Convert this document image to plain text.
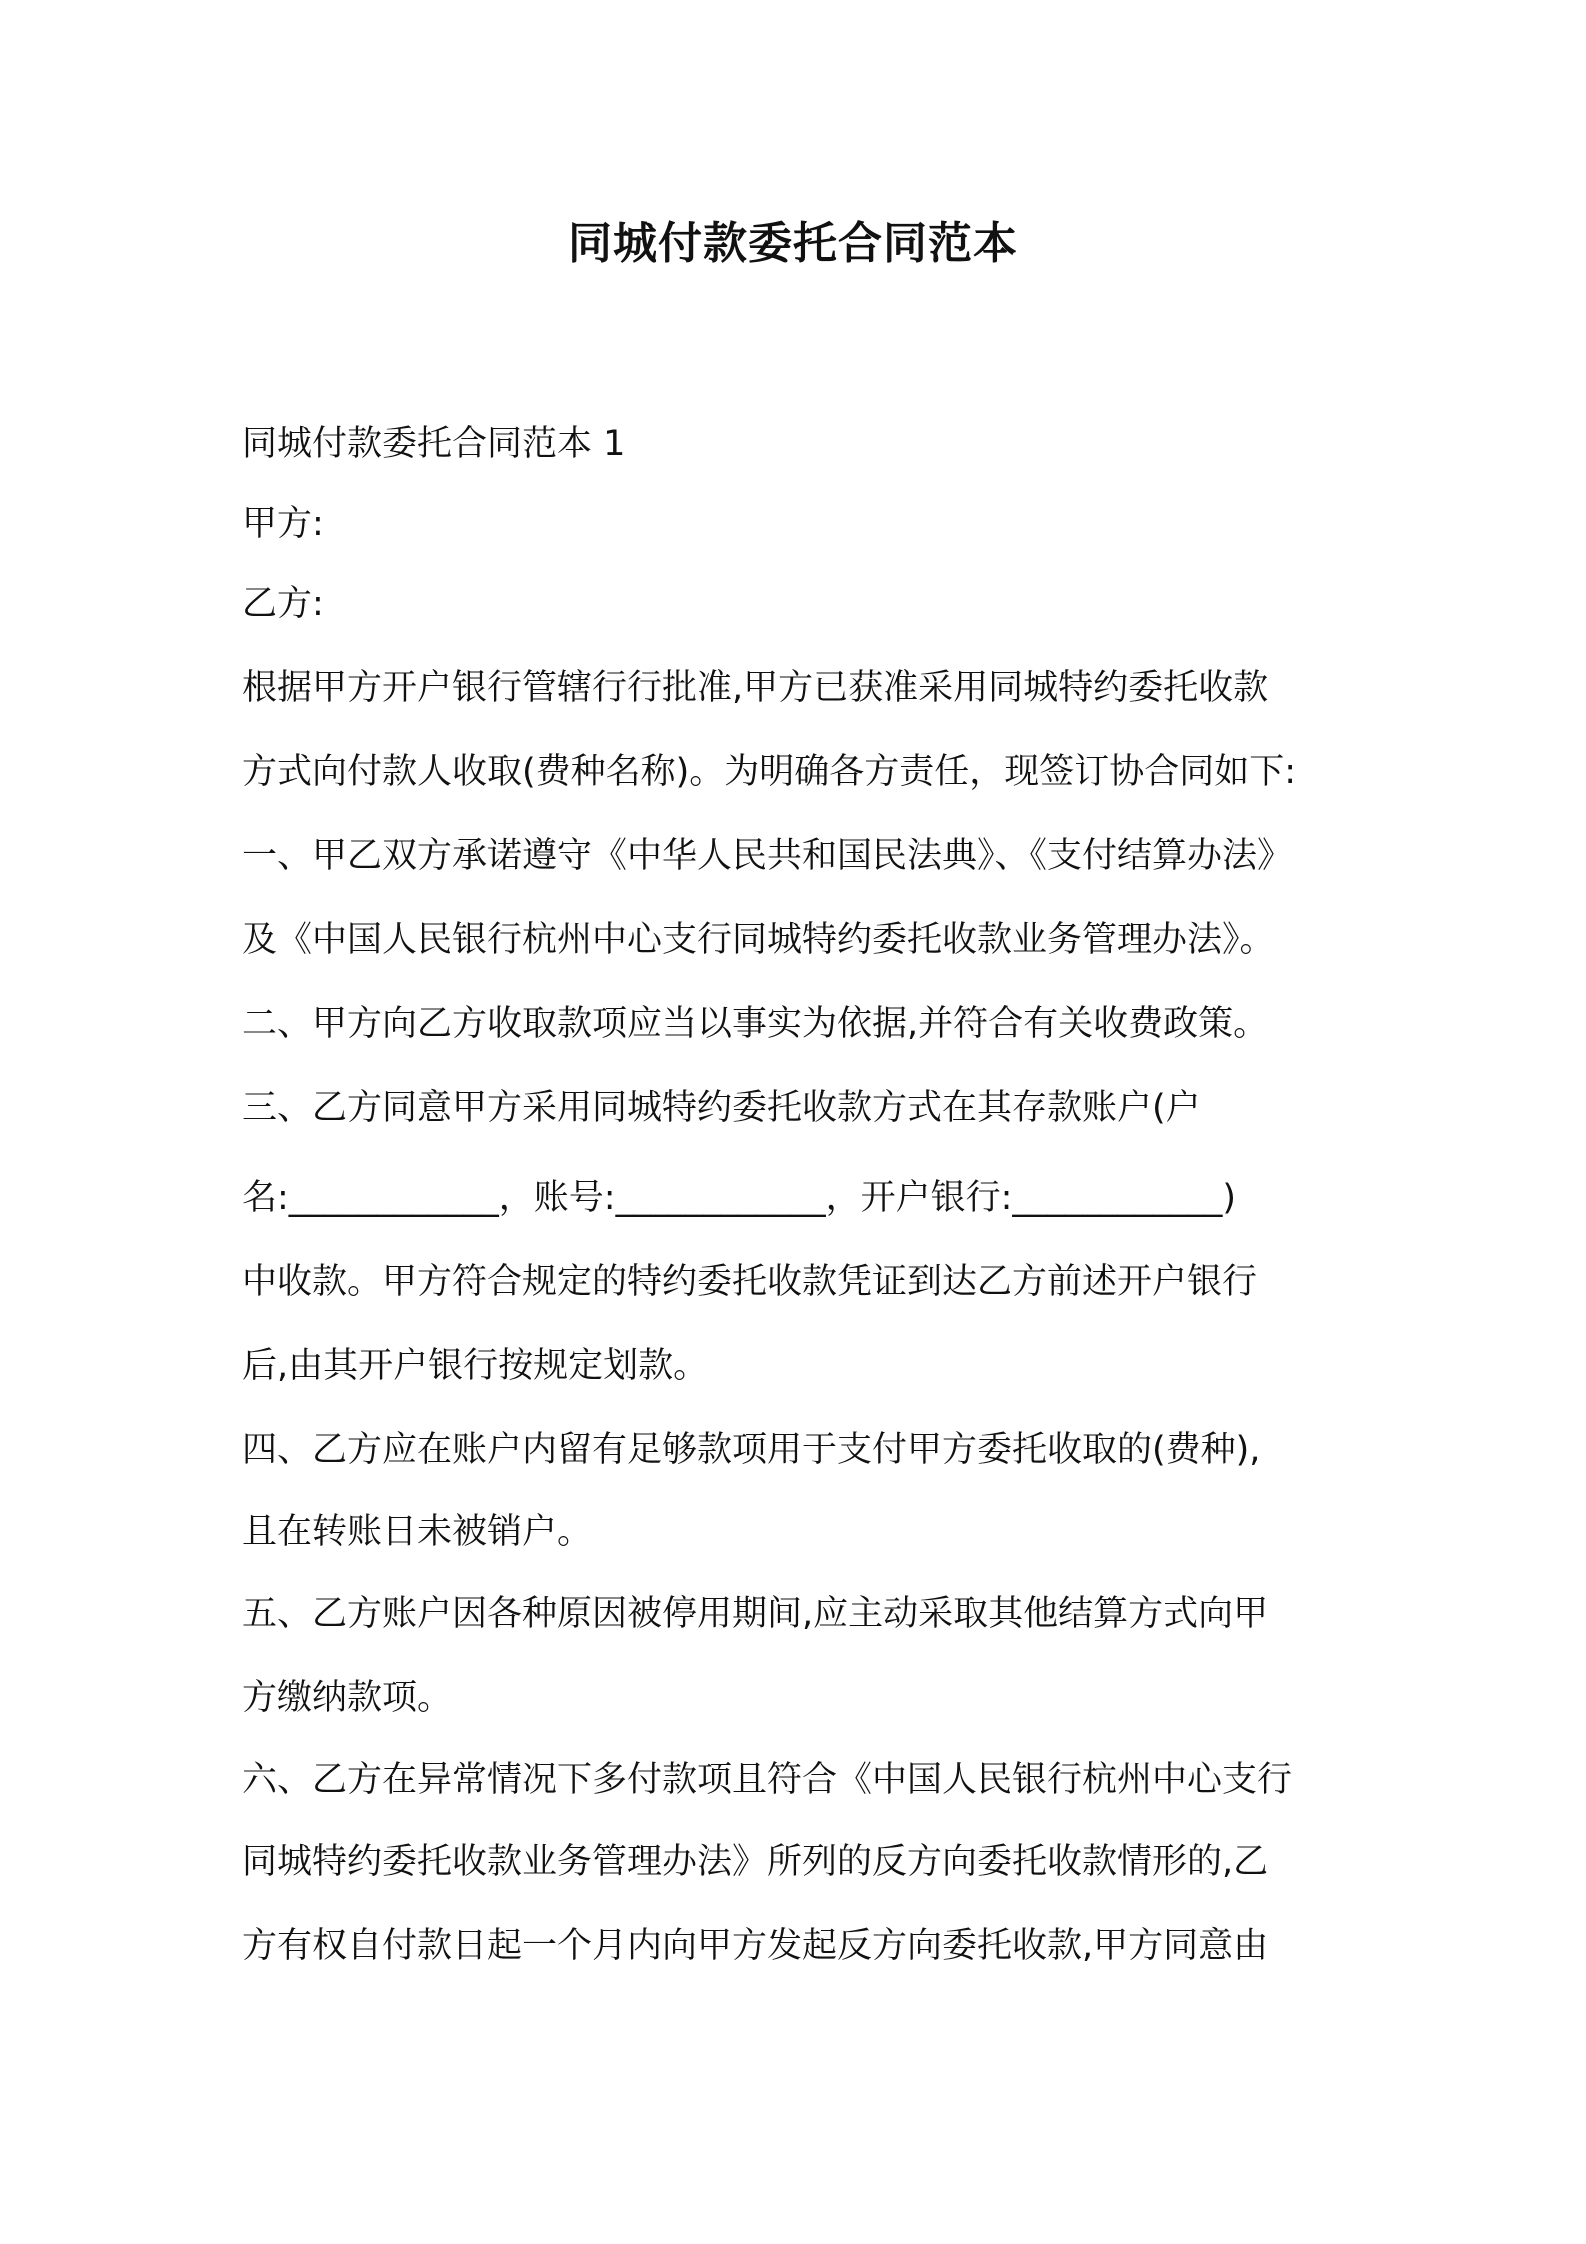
同城付款委托合同范本

同城付款委托合同范本 1

甲方:

乙方:

根据甲方开户银行管辖行行批准,甲方已获准采用同城特约委托收款

方式向付款人收取(费种名称)。为明确各方责任，现签订协合同如下:

一、甲乙双方承诺遵守《中华人民共和国民法典》、《支付结算办法》

及《中国人民银行杭州中心支行同城特约委托收款业务管理办法》。

二、甲方向乙方收取款项应当以事实为依据,并符合有关收费政策。

三、乙方同意甲方采用同城特约委托收款方式在其存款账户(户

名:____________，账号:____________，开户银行:____________)

中收款。甲方符合规定的特约委托收款凭证到达乙方前述开户银行

后,由其开户银行按规定划款。

四、乙方应在账户内留有足够款项用于支付甲方委托收取的(费种),

且在转账日未被销户。

五、乙方账户因各种原因被停用期间,应主动采取其他结算方式向甲

方缴纳款项。

六、乙方在异常情况下多付款项且符合《中国人民银行杭州中心支行

同城特约委托收款业务管理办法》所列的反方向委托收款情形的,乙

方有权自付款日起一个月内向甲方发起反方向委托收款,甲方同意由
